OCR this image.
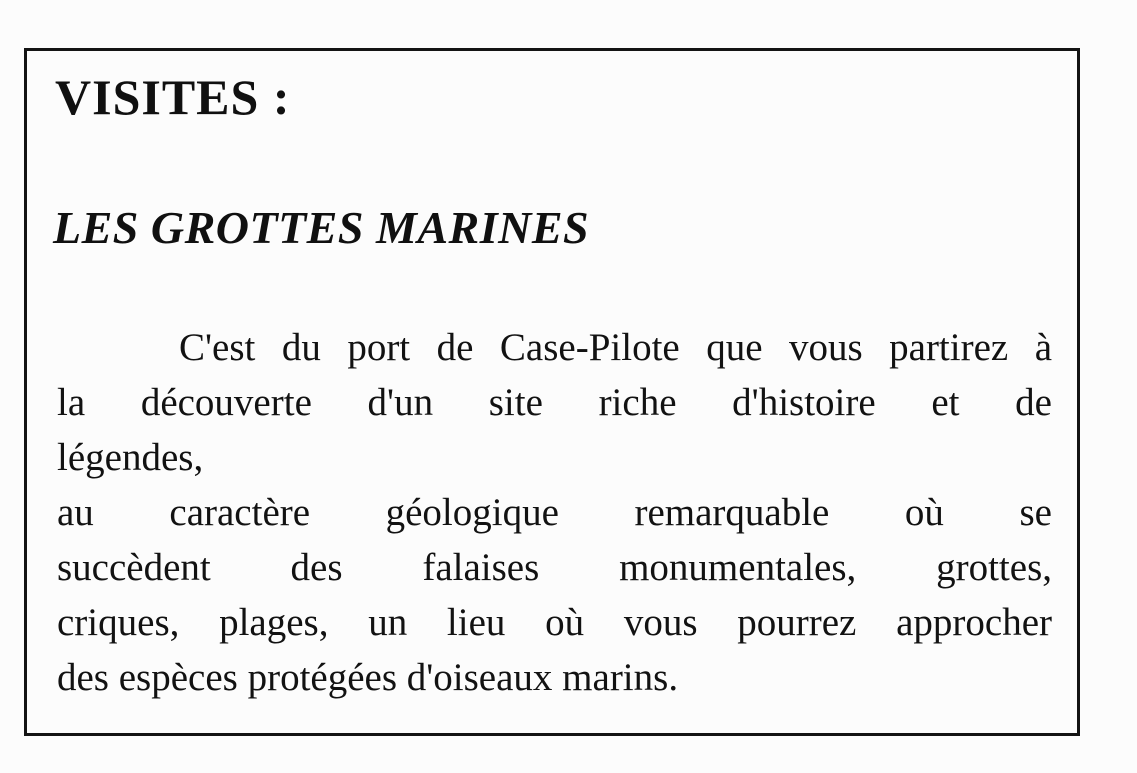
VISITES :
LES GROTTES MARINES

C'est du port de Case-Pilote que vous partirez à

la découverte d'un site riche d'histoire et de

légendes,

au caractère géologique remarquable où se

succèdent des falaises monumentales, grottes,

criques, plages, un lieu où vous pourrez approcher

des espèces protégées d'oiseaux marins.
